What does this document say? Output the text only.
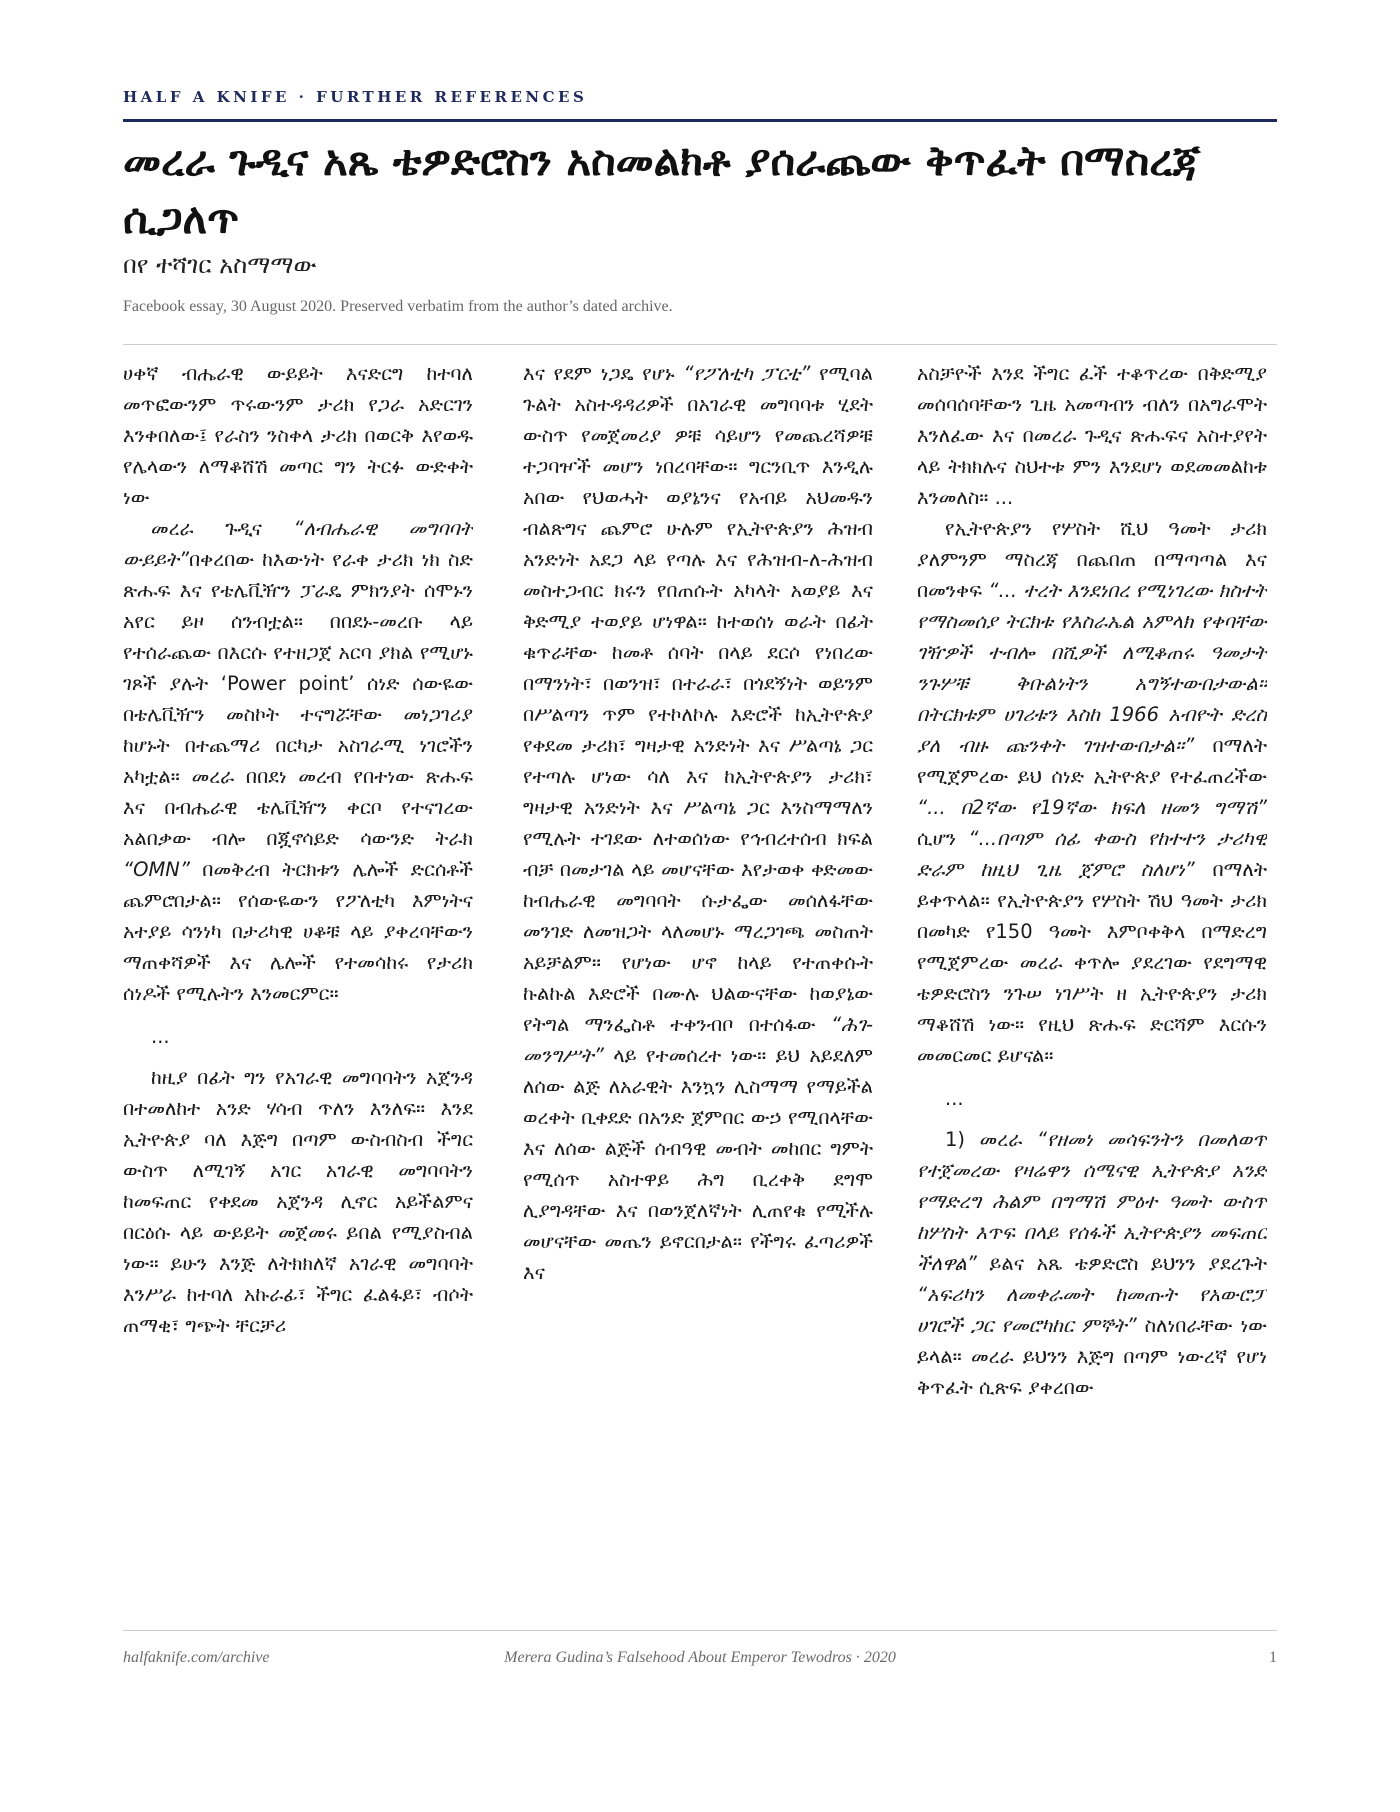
HALF A KNIFE · FURTHER REFERENCES
መረራ ጉዲና አጼ ቴዎድሮስን አስመልክቶ ያሰራጨው ቅጥፈት በማስረጃ ሲጋለጥ
በየ ተሻገር አስማማው
Facebook essay, 30 August 2020. Preserved verbatim from the author’s dated archive.

ሀቀኛ ብሔራዊ ውይይት እናድርግ ከተባለ መጥፎውንም ጥሩውንም ታሪክ የጋራ አድርገን እንቀበለው፤ የራስን ንስቀላ ታሪክ በወርቅ እየወዱ የሌላውን ለማቆሸሽ መጣር ግን ትርፉ ውድቀት ነው

መረራ ጉዲና “ለብሔራዊ መግባባት ውይይት”በቀረበው ከእውነት የራቀ ታሪክ ነክ ስድ ጽሑፍ እና የቴሌቪዥን ፓራዴ ምክንያት ሰሞኑን አየር ይዞ ሰንብቷል። በበደኑ-መረቡ ላይ የተሰራጨው በእርሱ የተዘጋጀ አርባ ያክል የሚሆኑ ገጾች ያሉት ‘Power point’ ሰነድ ሰውዬው በቴሌቪዥን መስኮት ተናግሯቸው መነጋገሪያ ከሆኑት በተጨማሪ በርካታ አስገራሚ ነገሮችን አካቷል። መረራ በበደነ መረብ የበተነው ጽሑፍ እና በብሔራዊ ቴሌቪዥን ቀርቦ የተናገረው አልበቃው ብሎ በጇኖሳይድ ሳውንድ ትራክ “OMN” በመቅረብ ትርክቱን ሌሎች ድርሰቶች ጨምሮበታል። የሰውዬውን የፖለቲካ እምነትና አተያይ ሳንነካ በታሪካዊ ሀቆቹ ላይ ያቀረባቸውን ማጠቀሻዎች እና ሌሎች የተመሳከሩ የታሪክ ሰነዶች የሚሉትን እንመርምር።

...

ከዚያ በፊት ግን የአገራዊ መግባባትን አጀንዳ በተመለከተ አንድ ሃሳብ ጥለን እንለፍ። እንደ ኢትዮጵያ ባለ እጅግ በጣም ውስብስብ ችግር ውስጥ ለሚገኝ አገር አገራዊ መግባባትን ከመፍጠር የቀደመ አጀንዳ ሊኖር አይችልምና በርዕሱ ላይ ውይይት መጀመሩ ይበል የሚያስብል ነው። ይሁን እንጅ ለትክክለኛ አገራዊ መግባባት እንሥራ ከተባለ አኩራፊ፣ ችግር ፈልፋይ፣ ብሶት ጠማቂ፣ ግጭት ቸርቻሪ

እና የደም ነጋዴ የሆኑ “የፖለቲካ ፓርቲ” የሚባል ጉልት አስተዳዳሪዎች በአገራዊ መግባባቱ ሂደት ውስጥ የመጀመሪያ ዎቹ ሳይሆን የመጨረሻዎቹ ተጋባዦች መሆን ነበረባቸው። ግርንቢጥ እንዲሉ አበው የህወሓት ወያኔንና የአብይ አህመዱን ብልጽግና ጨምሮ ሁሉም የኢትዮጵያን ሕዝብ አንድነት አደጋ ላይ የጣሉ እና የሕዝብ-ለ-ሕዝብ መስተጋብር ክሩን የበጠሱት አካላት አወያይ እና ቅድሚያ ተወያይ ሆነዋል። ከተወሰነ ወራት በፊት ቁጥራቸው ከመቶ ሰባት በላይ ደርሶ የነበረው በማንነት፣ በወንዝ፣ በተራራ፣ በጎደኝነት ወይንም በሥልጣን ጥም የተኮለኮሉ እድሮች ከኢትዮጵያ የቀደመ ታሪክ፣ ግዛታዊ አንድነት እና ሥልጣኔ ጋር የተጣሉ ሆነው ሳለ እና ከኢትዮጵያን ታሪክ፣ ግዛታዊ አንድነት እና ሥልጣኔ ጋር እንስማማለን የሚሉት ተገደው ለተወሰነው የኅብረተሰብ ክፍል ብቻ በመታገል ላይ መሆናቸው እየታወቀ ቀድመው ከብሔራዊ መግባባት ሱታፌው መሰለፋቸው መንገድ ለመዝጋት ላለመሆኑ ማረጋገጫ መስጠት አይቻልም። የሆነው ሆኖ ከላይ የተጠቀሱት ኩልኩል እድሮች በሙሉ ህልውናቸው ከወያኔው የትግል ማንፌስቶ ተቀንብቦ በተሰፋው “ሕገ-መንግሥት” ላይ የተመሰረተ ነው። ይህ አይደለም ለሰው ልጅ ለአራዊት እንኳን ሊስማማ የማይችል ወረቀት ቢቀደድ በአንድ ጀምበር ውኃ የሚበላቸው እና ለሰው ልጅች ሰብዓዊ መብት መከበር ግምት የሚሰጥ አስተዋይ ሕግ ቢረቀቅ ደግሞ ሊያግዳቸው እና በወንጀለኛነት ሊጠየቁ የሚችሉ መሆናቸው መጤን ይኖርበታል። የችግሩ ፈጣሪዎች እና

አስቻዮች እንደ ችግር ፈች ተቆጥረው በቅድሚያ መሰባሰባቸውን ጊዜ አመጣብን ብለን በአግራሞት እንለፈው እና በመረራ ጉዲና ጽሑፍና አስተያየት ላይ ትክክሉና ስህተቱ ምን እንደሆነ ወደመመልከቱ እንመለስ። ...

የኢትዮጵያን የሦስት ሺህ ዓመት ታሪክ ያለምንም ማስረጃ በጨበጠ በማጣጣል እና በመንቀፍ “... ተረት እንደነበረ የሚነገረው ክስተት የማስመሰያ ትርክቱ የእስራኤል አምላክ የቀባቸው ገዥዎች ተብሎ በሺዎች ለሚቆጠሩ ዓመታት ንጉሦቹ ቅቡልነትን አግኝተውበታውል። በትርክቱም ሀገሪቱን እስከ 1966 አብዮት ድረስ ያለ ብዙ ጩንቀት ገዝተውበታል።” በማለት የሚጀምረው ይህ ሰነድ ኢትዮጵያ የተፈጠረችው “... በ2ኛው የ19ኛው ክፍለ ዘመን ግማሽ” ሲሆን “...በጣም ሰፊ ቀውስ የከተተን ታሪካዊ ድራም ከዚህ ጊዜ ጀምሮ ስለሆነ” በማለት ይቀጥላል። የኢትዮጵያን የሦስት ሽህ ዓመት ታሪክ በመካድ የ150 ዓመት እምቦቀቅላ በማድረግ የሚጀምረው መረራ ቀጥሎ ያደረገው የደግማዊ ቴዎድሮስን ንጉሠ ነገሥት ዘ ኢትዮጵያን ታሪክ ማቆሸሽ ነው። የዚህ ጽሑፍ ድርሻም እርሱን መመርመር ይሆናል።

...

1) መረራ “የዘመነ መሳፍንትን በመለወጥ የተጀመረው የዛሬዋን ሰሜናዊ ኢትዮጵያ አንድ የማድረግ ሕልም በግማሽ ምዕተ ዓመት ውስጥ ከሦስት እጥፍ በላይ የሰፋች ኢትዮጵያን መፍጠር ችለዋል” ይልና አጼ ቴዎድሮስ ይህንን ያደረጉት “አፍሪካን ለመቀራመት ከመጡት የአውሮፓ ሀገሮች ጋር የመሮካከር ምኞት” ስለነበራቸው ነው ይላል። መረራ ይህንን እጅግ በጣም ነውረኛ የሆነ ቅጥፈት ሲጽፍ ያቀረበው

halfaknife.com/archive	Merera Gudina’s Falsehood About Emperor Tewodros · 2020	1
